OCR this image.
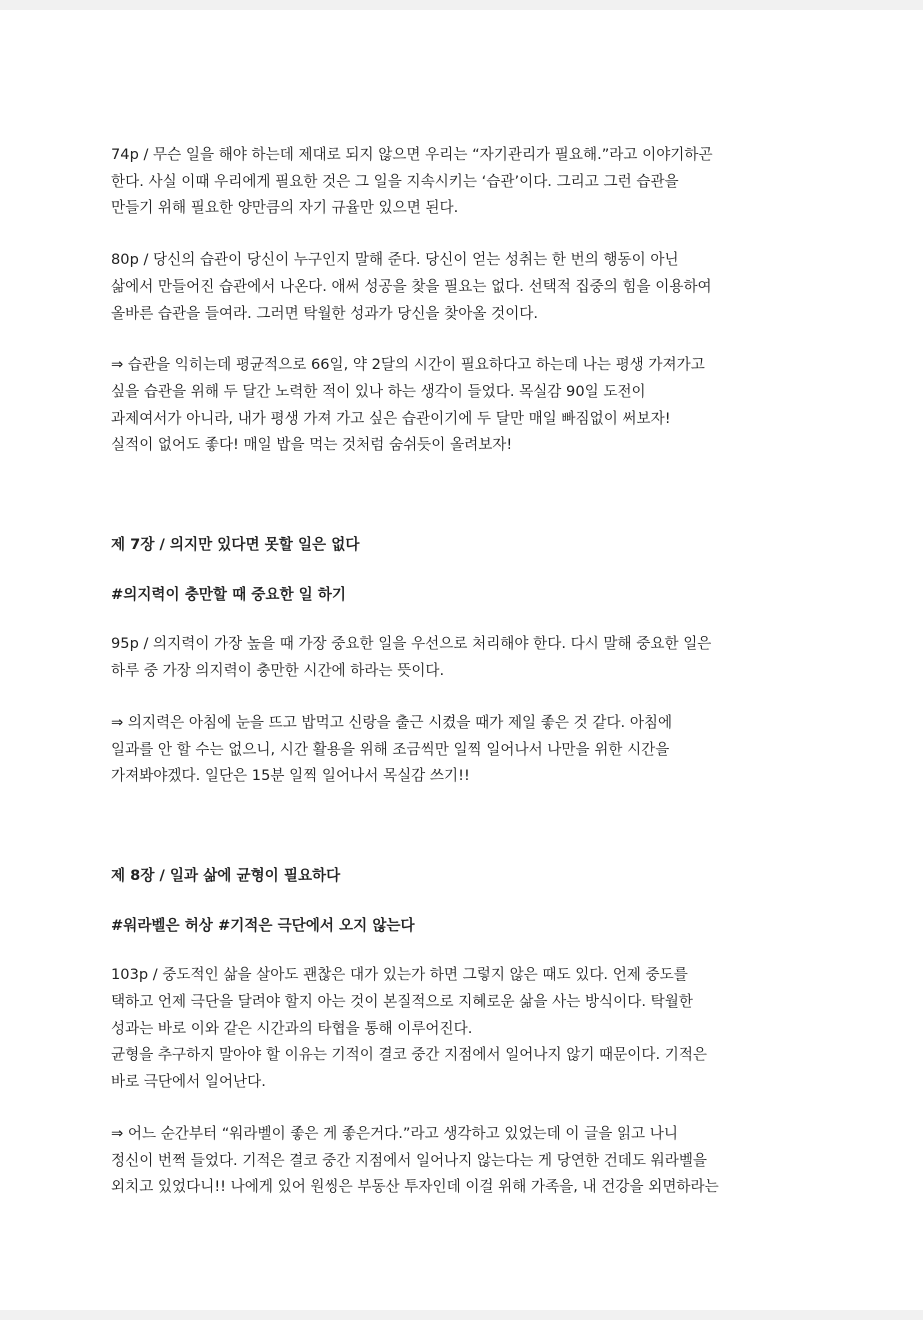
74p / 무슨 일을 해야 하는데 제대로 되지 않으면 우리는 “자기관리가 필요해.”라고 이야기하곤
한다. 사실 이때 우리에게 필요한 것은 그 일을 지속시키는 ‘습관’이다. 그리고 그런 습관을
만들기 위해 필요한 양만큼의 자기 규율만 있으면 된다.
80p / 당신의 습관이 당신이 누구인지 말해 준다. 당신이 얻는 성취는 한 번의 행동이 아닌
삶에서 만들어진 습관에서 나온다. 애써 성공을 찾을 필요는 없다. 선택적 집중의 힘을 이용하여
올바른 습관을 들여라. 그러면 탁월한 성과가 당신을 찾아올 것이다.
⇒ 습관을 익히는데 평균적으로 66일, 약 2달의 시간이 필요하다고 하는데 나는 평생 가져가고
싶을 습관을 위해 두 달간 노력한 적이 있나 하는 생각이 들었다. 목실감 90일 도전이
과제여서가 아니라, 내가 평생 가져 가고 싶은 습관이기에 두 달만 매일 빠짐없이 써보자!
실적이 없어도 좋다! 매일 밥을 먹는 것처럼 숨쉬듯이 올려보자!
제 7장 / 의지만 있다면 못할 일은 없다
#의지력이 충만할 때 중요한 일 하기
95p / 의지력이 가장 높을 때 가장 중요한 일을 우선으로 처리해야 한다. 다시 말해 중요한 일은
하루 중 가장 의지력이 충만한 시간에 하라는 뜻이다.
⇒ 의지력은 아침에 눈을 뜨고 밥먹고 신랑을 출근 시켰을 때가 제일 좋은 것 같다. 아침에
일과를 안 할 수는 없으니, 시간 활용을 위해 조금씩만 일찍 일어나서 나만을 위한 시간을
가져봐야겠다. 일단은 15분 일찍 일어나서 목실감 쓰기!!
제 8장 / 일과 삶에 균형이 필요하다
#워라벨은 허상 #기적은 극단에서 오지 않는다
103p / 중도적인 삶을 살아도 괜찮은 대가 있는가 하면 그렇지 않은 때도 있다. 언제 중도를
택하고 언제 극단을 달려야 할지 아는 것이 본질적으로 지혜로운 삶을 사는 방식이다. 탁월한
성과는 바로 이와 같은 시간과의 타협을 통해 이루어진다.
균형을 추구하지 말아야 할 이유는 기적이 결코 중간 지점에서 일어나지 않기 때문이다. 기적은
바로 극단에서 일어난다.
⇒ 어느 순간부터 “워라벨이 좋은 게 좋은거다.”라고 생각하고 있었는데 이 글을 읽고 나니
정신이 번쩍 들었다. 기적은 결코 중간 지점에서 일어나지 않는다는 게 당연한 건데도 워라벨을
외치고 있었다니!! 나에게 있어 원씽은 부동산 투자인데 이걸 위해 가족을, 내 건강을 외면하라는
